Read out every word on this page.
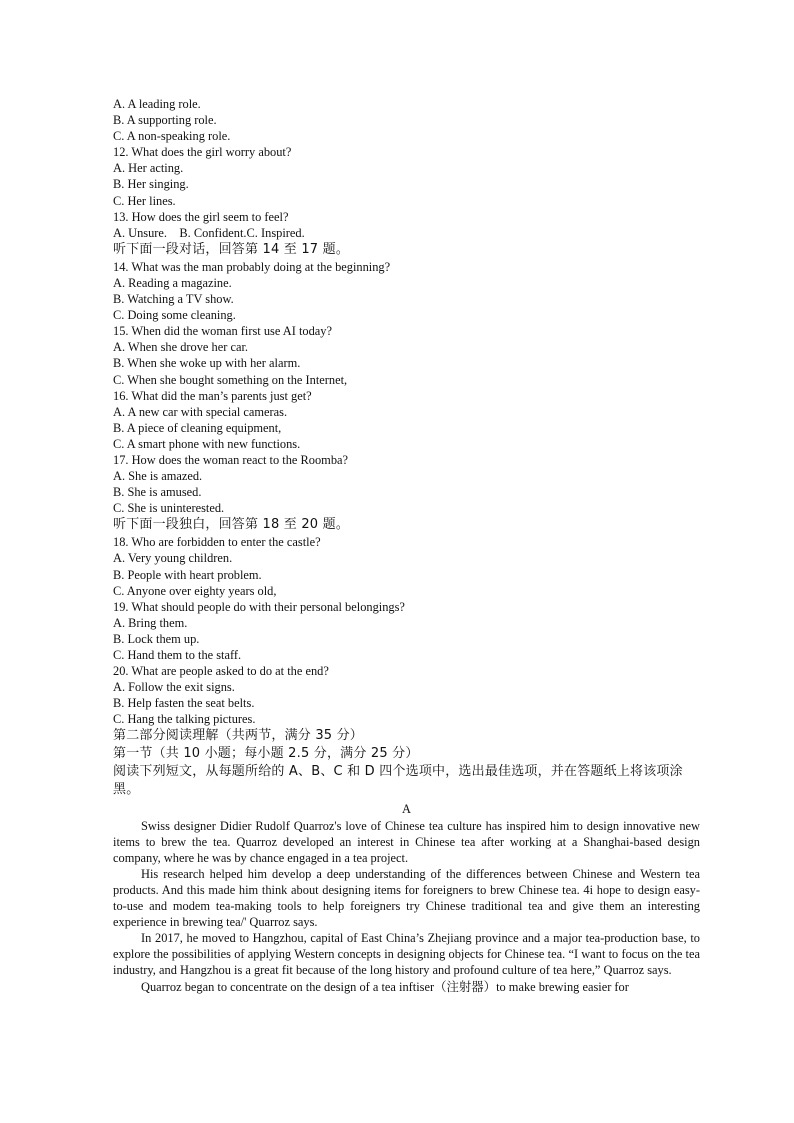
A. A leading role.
B. A supporting role.
C. A non-speaking role.
12. What does the girl worry about?
A. Her acting.
B. Her singing.
C. Her lines.
13. How does the girl seem to feel?
A. Unsure.    B. Confident.C. Inspired.
听下面一段对话，回答第 14 至 17 题。
14. What was the man probably doing at the beginning?
A. Reading a magazine.
B. Watching a TV show.
C. Doing some cleaning.
15. When did the woman first use AI today?
A. When she drove her car.
B. When she woke up with her alarm.
C. When she bought something on the Internet,
16. What did the man’s parents just get?
A. A new car with special cameras.
B. A piece of cleaning equipment,
C. A smart phone with new functions.
17. How does the woman react to the Roomba?
A. She is amazed.
B. She is amused.
C. She is uninterested.
听下面一段独白，回答第 18 至 20 题。
18. Who are forbidden to enter the castle?
A. Very young children.
B. People with heart problem.
C. Anyone over eighty years old,
19. What should people do with their personal belongings?
A. Bring them.
B. Lock them up.
C. Hand them to the staff.
20. What are people asked to do at the end?
A. Follow the exit signs.
B. Help fasten the seat belts.
C. Hang the talking pictures.
第二部分阅读理解（共两节，满分 35 分）
第一节（共 10 小题；每小题 2.5 分，满分 25 分）
阅读下列短文，从每题所给的 A、B、C 和 D 四个选项中，选出最佳选项，并在答题纸上将该项涂黑。
A
Swiss designer Didier Rudolf Quarroz's love of Chinese tea culture has inspired him to design innovative new items to brew the tea. Quarroz developed an interest in Chinese tea after working at a Shanghai-based design company, where he was by chance engaged in a tea project.
His research helped him develop a deep understanding of the differences between Chinese and Western tea products. And this made him think about designing items for foreigners to brew Chinese tea. 4i hope to design easy-to-use and modem tea-making tools to help foreigners try Chinese traditional tea and give them an interesting experience in brewing tea/' Quarroz says.
In 2017, he moved to Hangzhou, capital of East China’s Zhejiang province and a major tea-production base, to explore the possibilities of applying Western concepts in designing objects for Chinese tea. “I want to focus on the tea industry, and Hangzhou is a great fit because of the long history and profound culture of tea here,” Quarroz says.
Quarroz began to concentrate on the design of a tea inftiser（注射器）to make brewing easier for
